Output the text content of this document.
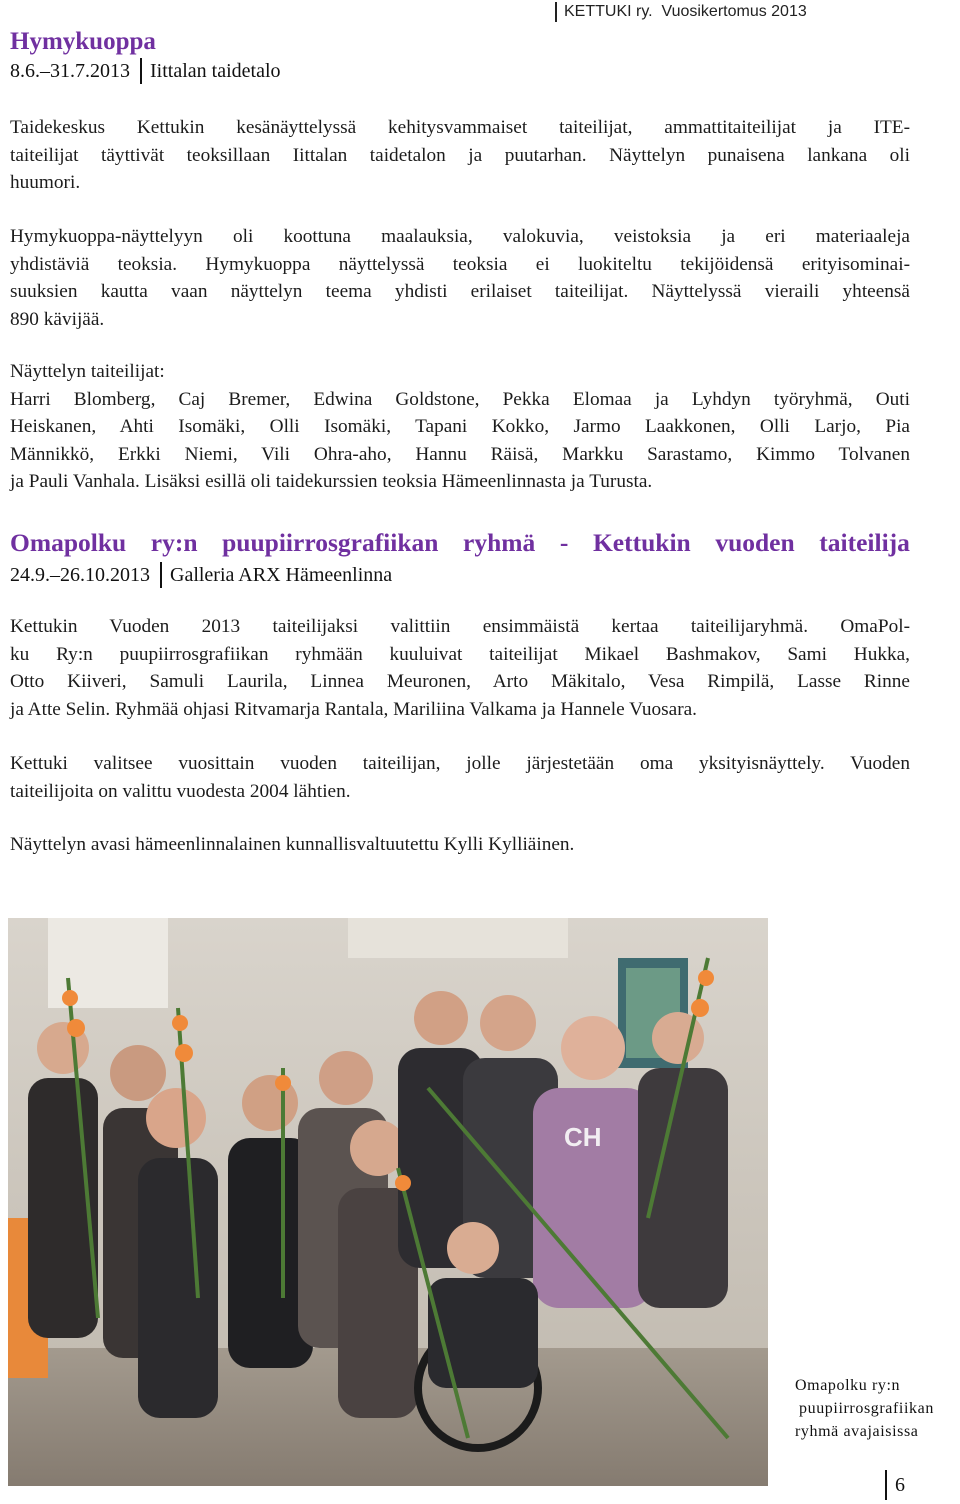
KETTUKI ry. Vuosikertomus 2013
Hymykuoppa
8.6.–31.7.2013 Iittalan taidetalo
Taidekeskus Kettukin kesänäyttelyssä kehitysvammaiset taiteilijat, ammattitaiteilijat ja ITE-
taiteilijat täyttivät teoksillaan Iittalan taidetalon ja puutarhan. Näyttelyn punaisena lankana oli
huumori.
Hymykuoppa-näyttelyyn oli koottuna maalauksia, valokuvia, veistoksia ja eri materiaaleja
yhdistäviä teoksia. Hymykuoppa näyttelyssä teoksia ei luokiteltu tekijöidensä erityisominai-
suuksien kautta vaan näyttelyn teema yhdisti erilaiset taiteilijat. Näyttelyssä vieraili yhteensä
890 kävijää.
Näyttelyn taiteilijat:
Harri Blomberg, Caj Bremer, Edwina Goldstone, Pekka Elomaa ja Lyhdyn työryhmä, Outi
Heiskanen, Ahti Isomäki, Olli Isomäki, Tapani Kokko, Jarmo Laakkonen, Olli Larjo, Pia
Männikkö, Erkki Niemi, Vili Ohra-aho, Hannu Räisä, Markku Sarastamo, Kimmo Tolvanen
ja Pauli Vanhala. Lisäksi esillä oli taidekurssien teoksia Hämeenlinnasta ja Turusta.
Omapolku ry:n puupiirrosgrafiikan ryhmä - Kettukin vuoden taiteilija
24.9.–26.10.2013 Galleria ARX Hämeenlinna
Kettukin Vuoden 2013 taiteilijaksi valittiin ensimmäistä kertaa taiteilijaryhmä. OmaPol-
ku Ry:n puupiirrosgrafiikan ryhmään kuuluivat taiteilijat Mikael Bashmakov, Sami Hukka,
Otto Kiiveri, Samuli Laurila, Linnea Meuronen, Arto Mäkitalo, Vesa Rimpilä, Lasse Rinne
ja Atte Selin. Ryhmää ohjasi Ritvamarja Rantala, Mariliina Valkama ja Hannele Vuosara.
Kettuki valitsee vuosittain vuoden taiteilijan, jolle järjestetään oma yksityisnäyttely. Vuoden
taiteilijoita on valittu vuodesta 2004 lähtien.
Näyttelyn avasi hämeenlinnalainen kunnallisvaltuutettu Kylli Kylliäinen.
CH
Omapolku ry:n
puupiirrosgrafiikan
ryhmä avajaisissa
6
